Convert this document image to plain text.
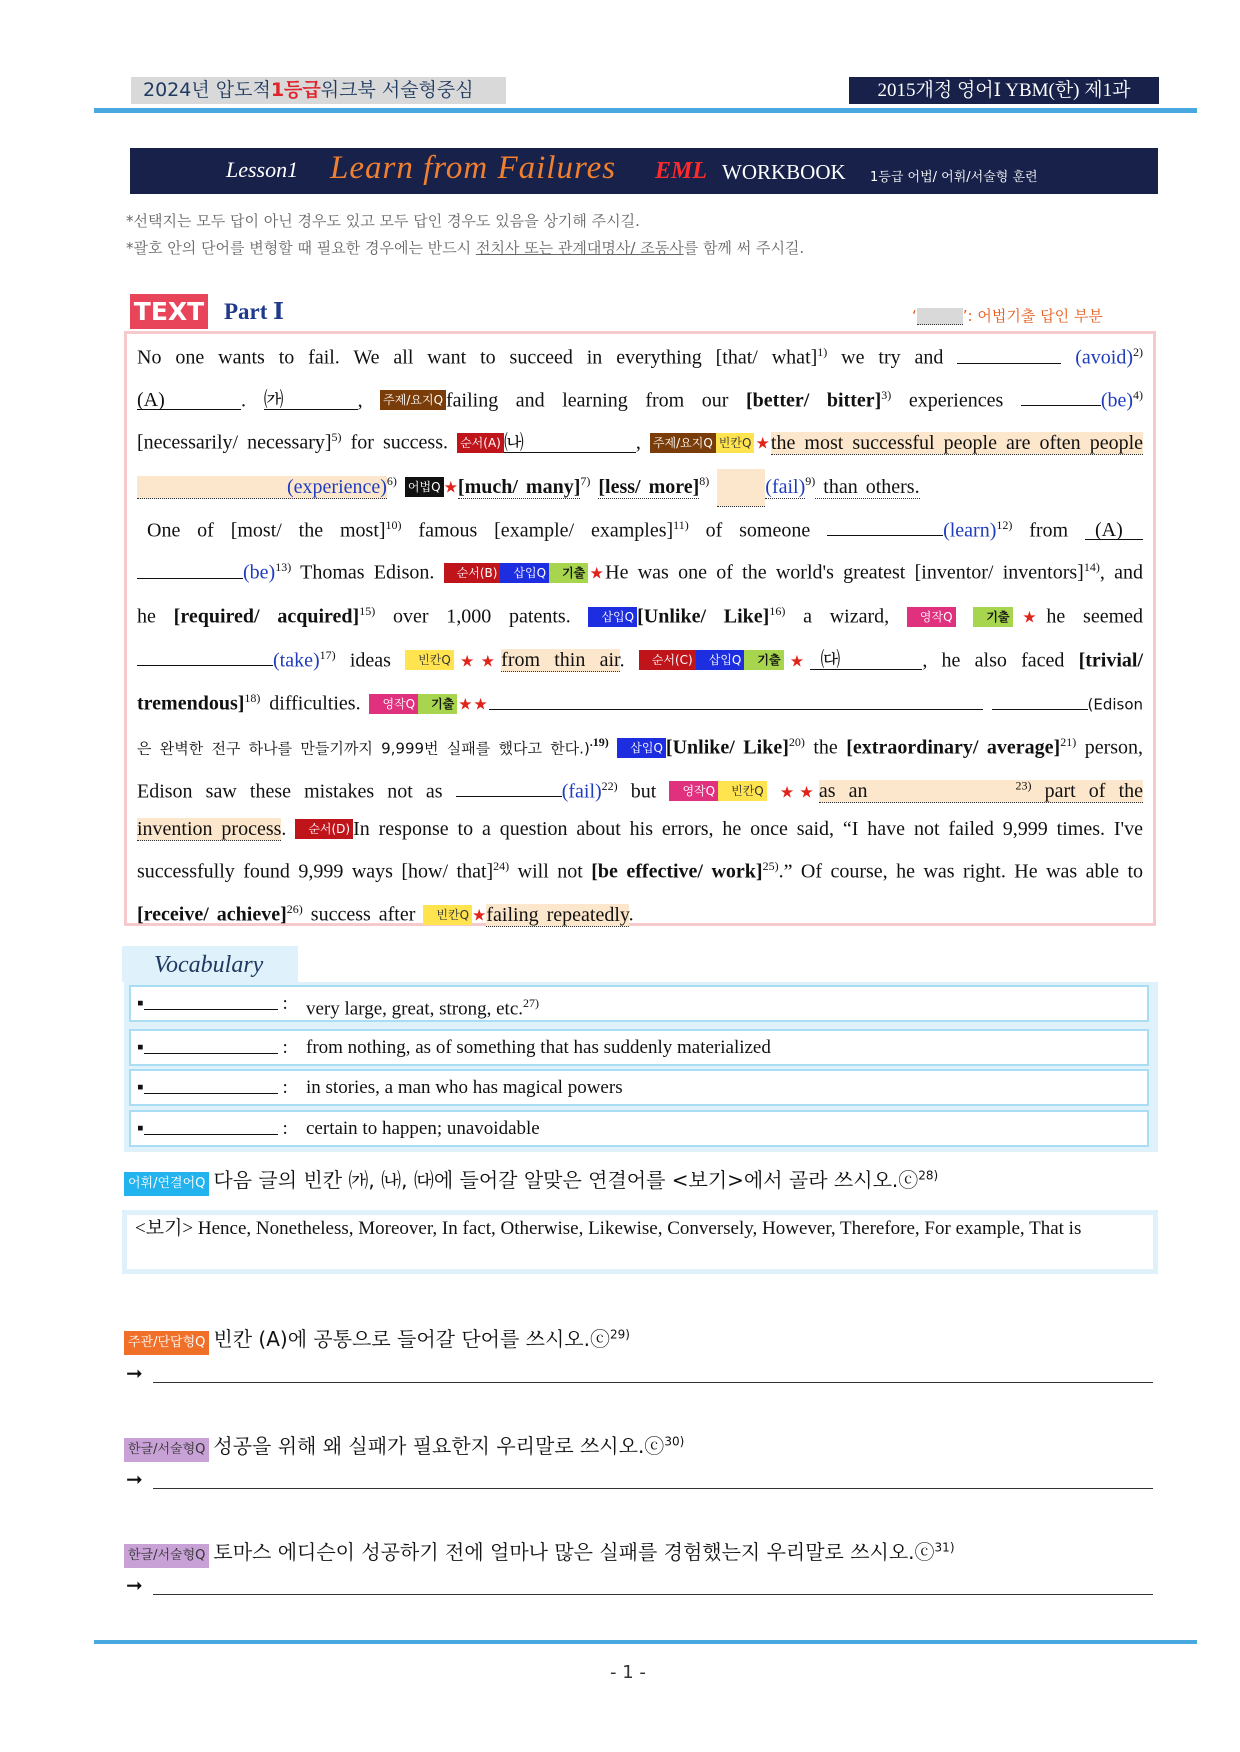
2024년 압도적1등급워크북 서술형중심	2015개정 영어Ⅰ YBM(한) 제1과
Lesson1 Learn from Failures EML WORKBOOK 1등급 어법/ 어휘/서술형 훈련
*선택지는 모두 답이 아닌 경우도 있고 모두 답인 경우도 있음을 상기해 주시길.
*괄호 안의 단어를 변형할 때 필요한 경우에는 반드시 전치사 또는 관계대명사/ 조동사를 함께 써 주시길.
TEXT Part Ⅰ	‘	’: 어법기출 답인 부분

No one wants to fail. We all want to succeed in everything [that/ what]$^{1)}$ we try and	(avoid)$^{2)}$ (A)	. ㈎	, 주제/요지Q failing and learning from our [better/ bitter]$^{3)}$ experiences	(be)$^{4)}$ [necessarily/ necessary]$^{5)}$ for success. 순서(A) ㈏	, 주제/요지Q 빈칸Q ★the most successful people are often people (experience)$^{6)}$ 어법Q ★[much/ many]$^{7)}$ [less/ more]$^{8)}$	(fail)$^{9)}$ than others.

One of [most/ the most]$^{10)}$ famous [example/ examples]$^{11)}$ of someone	(learn)$^{12)}$ from (A) (be)$^{13)}$ Thomas Edison. 순서(B) 삽입Q 기출 ★He was one of the world's greatest [inventor/ inventors]$^{14)}$, and he [required/ acquired]$^{15)}$ over 1,000 patents. 삽입Q [Unlike/ Like]$^{16)}$ a wizard, 영작Q	기출 ★he seemed (take)$^{17)}$ ideas 빈칸Q ★★from thin air. 순서(C) 삽입Q 기출 ★ ㈐	, he also faced [trivial/ tremendous]$^{18)}$ difficulties. 영작Q 기출 ★★	(Edison은 완벽한 전구 하나를 만들기까지 9,999번 실패를 했다고 한다.)$^{.19)}$ 삽입Q [Unlike/ Like]$^{20)}$ the [extraordinary/ average]$^{21)}$ person, Edison saw these mistakes not as	(fail)$^{22)}$ but 영작Q 빈칸Q ★★as an	$^{23)}$ part of the invention process. 순서(D) In response to a question about his errors, he once said, “I have not failed 9,999 times. I've successfully found 9,999 ways [how/ that]$^{24)}$ will not [be effective/ work]$^{25)}$.” Of course, he was right. He was able to [receive/ achieve]$^{26)}$ success after 빈칸Q ★failing repeatedly.

Vocabulary
▪	: very large, great, strong, etc.$^{27)}$
▪	: from nothing, as of something that has suddenly materialized
▪	: in stories, a man who has magical powers
▪	: certain to happen; unavoidable
어휘/연결어Q 다음 글의 빈칸 ㈎, ㈏, ㈐에 들어갈 알맞은 연결어를 <보기>에서 골라 쓰시오.ⓒ$^{28)}$
<보기> Hence, Nonetheless, Moreover, In fact, Otherwise, Likewise, Conversely, However, Therefore, For example, That is
주관/단답형Q 빈칸 (A)에 공통으로 들어갈 단어를 쓰시오.ⓒ$^{29)}$
➞
한글/서술형Q 성공을 위해 왜 실패가 필요한지 우리말로 쓰시오.ⓒ$^{30)}$
➞
한글/서술형Q 토마스 에디슨이 성공하기 전에 얼마나 많은 실패를 경험했는지 우리말로 쓰시오.ⓒ$^{31)}$
➞
- 1 -
